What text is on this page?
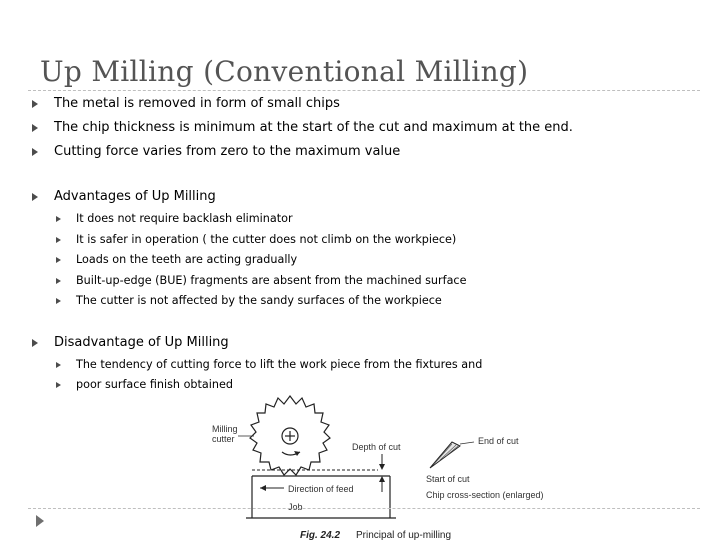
Up Milling (Conventional Milling)
The metal is removed in form of small chips
The chip thickness is minimum at the start of the cut and maximum at the end.
Cutting force varies from zero to the maximum value
Advantages of Up Milling
It does not require backlash eliminator
It is safer in operation ( the cutter does not climb on the workpiece)
Loads on the teeth are acting gradually
Built-up-edge (BUE) fragments are absent from the machined surface
The cutter is not affected by the sandy surfaces of the workpiece
Disadvantage of Up Milling
The tendency of cutting force to lift the work piece from the fixtures and
poor surface finish obtained
Milling
cutter
Direction of feed
Job
Depth of cut
End of cut
Start of cut
Chip cross-section (enlarged)
Fig. 24.2 Principal of up-milling
